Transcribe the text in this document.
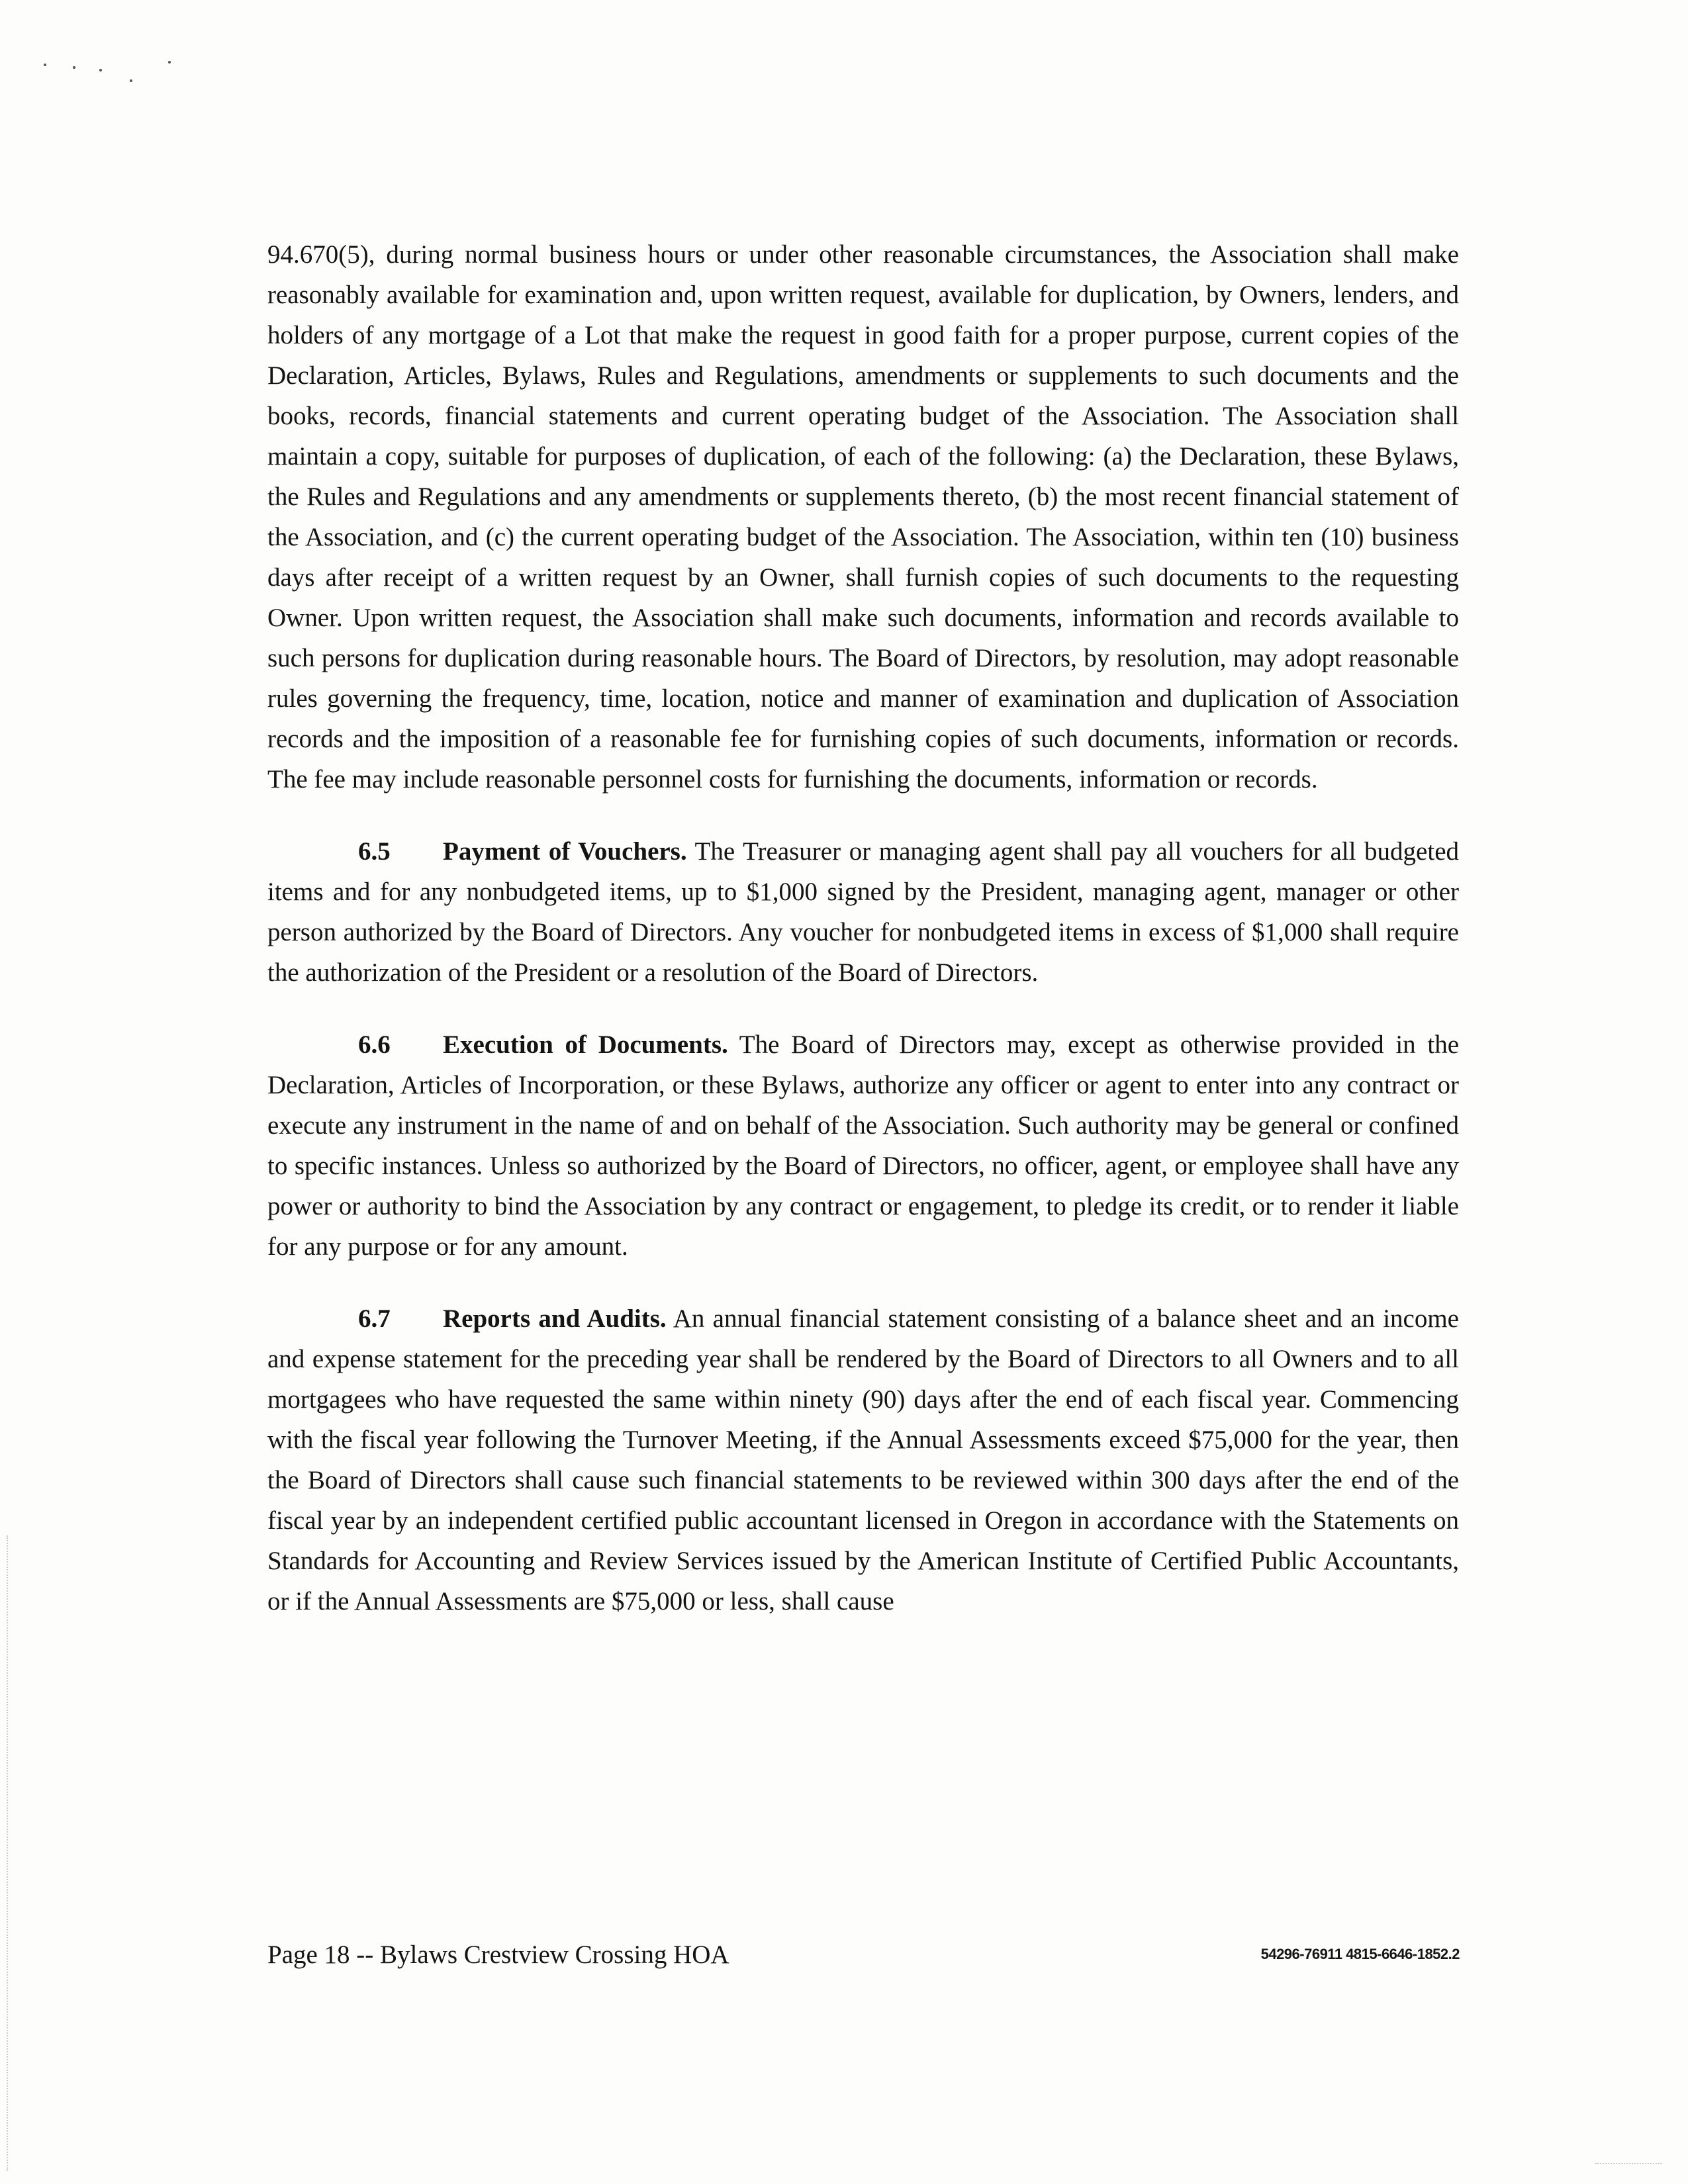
94.670(5), during normal business hours or under other reasonable circumstances, the Association shall make reasonably available for examination and, upon written request, available for duplication, by Owners, lenders, and holders of any mortgage of a Lot that make the request in good faith for a proper purpose, current copies of the Declaration, Articles, Bylaws, Rules and Regulations, amendments or supplements to such documents and the books, records, financial statements and current operating budget of the Association. The Association shall maintain a copy, suitable for purposes of duplication, of each of the following: (a) the Declaration, these Bylaws, the Rules and Regulations and any amendments or supplements thereto, (b) the most recent financial statement of the Association, and (c) the current operating budget of the Association. The Association, within ten (10) business days after receipt of a written request by an Owner, shall furnish copies of such documents to the requesting Owner. Upon written request, the Association shall make such documents, information and records available to such persons for duplication during reasonable hours. The Board of Directors, by resolution, may adopt reasonable rules governing the frequency, time, location, notice and manner of examination and duplication of Association records and the imposition of a reasonable fee for furnishing copies of such documents, information or records. The fee may include reasonable personnel costs for furnishing the documents, information or records.

6.5 Payment of Vouchers. The Treasurer or managing agent shall pay all vouchers for all budgeted items and for any nonbudgeted items, up to $1,000 signed by the President, managing agent, manager or other person authorized by the Board of Directors. Any voucher for nonbudgeted items in excess of $1,000 shall require the authorization of the President or a resolution of the Board of Directors.

6.6 Execution of Documents. The Board of Directors may, except as otherwise provided in the Declaration, Articles of Incorporation, or these Bylaws, authorize any officer or agent to enter into any contract or execute any instrument in the name of and on behalf of the Association. Such authority may be general or confined to specific instances. Unless so authorized by the Board of Directors, no officer, agent, or employee shall have any power or authority to bind the Association by any contract or engagement, to pledge its credit, or to render it liable for any purpose or for any amount.

6.7 Reports and Audits. An annual financial statement consisting of a balance sheet and an income and expense statement for the preceding year shall be rendered by the Board of Directors to all Owners and to all mortgagees who have requested the same within ninety (90) days after the end of each fiscal year. Commencing with the fiscal year following the Turnover Meeting, if the Annual Assessments exceed $75,000 for the year, then the Board of Directors shall cause such financial statements to be reviewed within 300 days after the end of the fiscal year by an independent certified public accountant licensed in Oregon in accordance with the Statements on Standards for Accounting and Review Services issued by the American Institute of Certified Public Accountants, or if the Annual Assessments are $75,000 or less, shall cause

Page 18 -- Bylaws Crestview Crossing HOA	54296-76911 4815-6646-1852.2
